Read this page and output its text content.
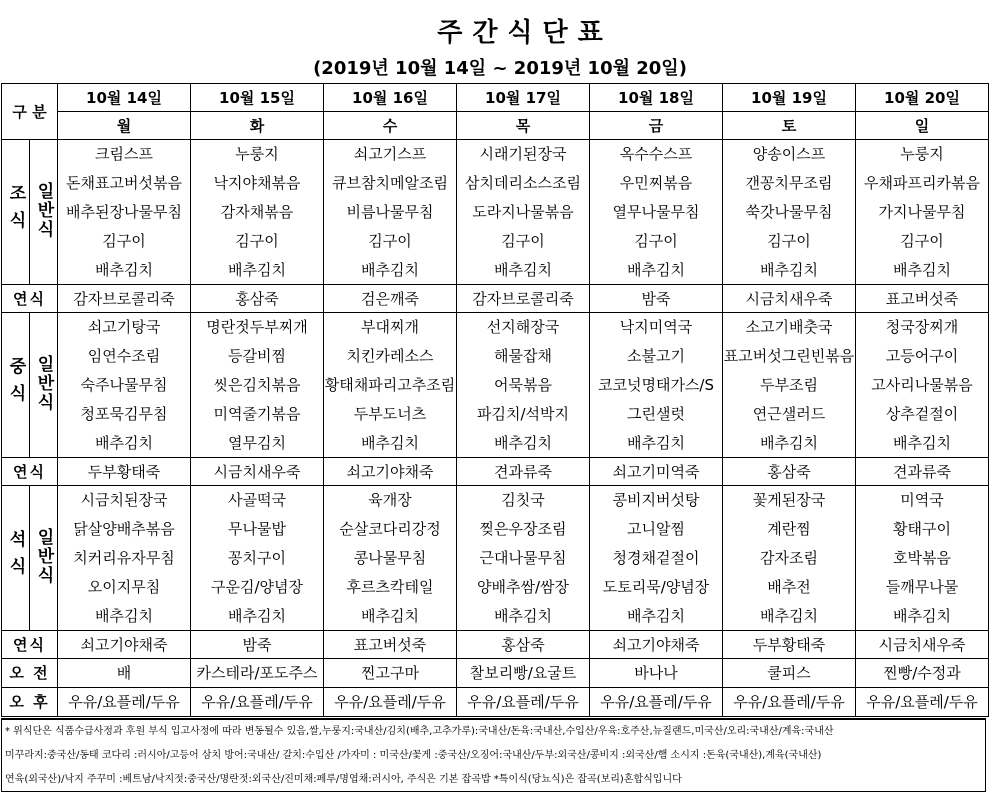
주간식단표
(2019년 10월 14일 ~ 2019년 10월 20일)
구 분		10월 14일	10월 15일	10월 16일	10월 17일	10월 18일	10월 19일	10월 20일
		월	화	수	목	금	토	일
조식	일반식	크림스프	누룽지	쇠고기스프	시래기된장국	옥수수스프	양송이스프	누룽지
		돈채표고버섯볶음	낙지야채볶음	큐브참치메알조림	삼치데리소스조림	우민찌볶음	갠꽁치무조림	우채파프리카볶음
		배추된장나물무침	감자채볶음	비름나물무침	도라지나물볶음	열무나물무침	쑥갓나물무침	가지나물무침
		김구이	김구이	김구이	김구이	김구이	김구이	김구이
		배추김치	배추김치	배추김치	배추김치	배추김치	배추김치	배추김치
연식		감자브로콜리죽	홍삼죽	검은깨죽	감자브로콜리죽	밤죽	시금치새우죽	표고버섯죽
중식	일반식	쇠고기탕국	명란젓두부찌개	부대찌개	선지해장국	낙지미역국	소고기배춧국	청국장찌개
		임연수조림	등갈비찜	치킨카레소스	해물잡채	소불고기	표고버섯그린빈볶음	고등어구이
		숙주나물무침	씻은김치볶음	황태채파리고추조림	어묵볶음	코코넛명태가스/S	두부조림	고사리나물볶음
		청포묵김무침	미역줄기볶음	두부도너츠	파김치/석박지	그린샐럿	연근샐러드	상추겉절이
		배추김치	열무김치	배추김치	배추김치	배추김치	배추김치	배추김치
연식		두부황태죽	시금치새우죽	쇠고기야채죽	견과류죽	쇠고기미역죽	홍삼죽	견과류죽
석식	일반식	시금치된장국	사골떡국	육개장	김칫국	콩비지버섯탕	꽃게된장국	미역국
		닭살양배추볶음	무나물밥	순살코다리강정	찢은우장조림	고니알찜	계란찜	황태구이
		치커리유자무침	꽁치구이	콩나물무침	근대나물무침	청경채겉절이	감자조림	호박볶음
		오이지무침	구운김/양념장	후르츠칵테일	양배추쌈/쌈장	도토리묵/양념장	배추전	들깨무나물
		배추김치	배추김치	배추김치	배추김치	배추김치	배추김치	배추김치
연식		쇠고기야채죽	밤죽	표고버섯죽	홍삼죽	쇠고기야채죽	두부황태죽	시금치새우죽
오 전		배	카스테라/포도주스	찐고구마	찰보리빵/요굴트	바나나	쿨피스	찐빵/수정과
오 후		우유/요플레/두유	우유/요플레/두유	우유/요플레/두유	우유/요플레/두유	우유/요플레/두유	우유/요플레/두유	우유/요플레/두유
* 위식단은 식품수급사정과 후원 부식 입고사정에 따라 변동될수 있음,쌀,누룽지:국내산/김치(배추,고추가루):국내산/돈육:국내산,수입산/우육:호주산,뉴질랜드,미국산/오리:국내산/계육:국내산
미꾸라지:중국산/동태 코다리 :러시아/고등어 삼치 방어:국내산/ 갈치:수입산 /가자미 : 미국산/꽃게 :중국산/오징어:국내산/두부:외국산/콩비지 :외국산/햄 소시지 :돈육(국내산),계육(국내산)
연육(외국산)/낙지 주꾸미 :베트남/낙지젓:중국산/명란젓:외국산/진미채:페루/명엽채:러시아, 주식은 기본 잡곡밥 *특이식(당뇨식)은 잡곡(보리)혼합식입니다
